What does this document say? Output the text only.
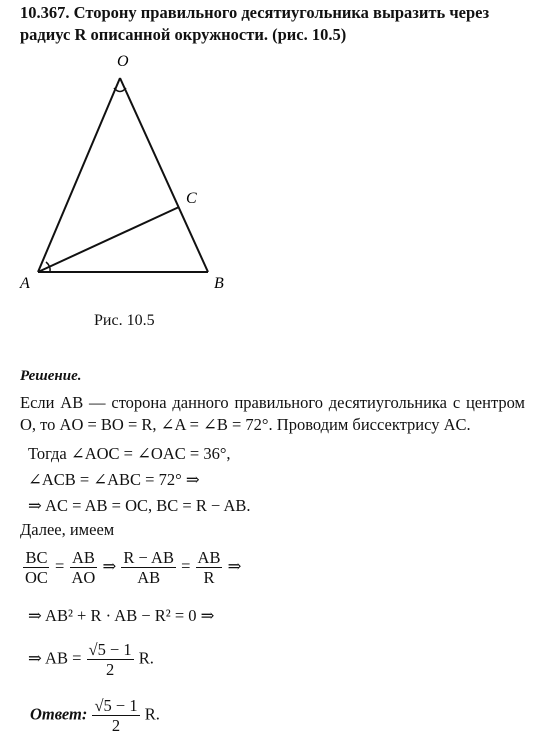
10.367. Сторону правильного десятиугольника выразить через радиус R описанной окружности. (рис. 10.5)
O
C
A	B
Рис. 10.5
Решение.
Если AB — сторона данного правильного десятиугольника с центром O, то AO = BO = R, ∠A = ∠B = 72°. Проводим биссектрису AC.
Тогда ∠AOC = ∠OAC = 36°,
∠ACB = ∠ABC = 72° ⇒
⇒ AC = AB = OC, BC = R − AB.
Далее, имеем
$\frac{BC}{OC} = \frac{AB}{AO}$ ⇒ $\frac{R - AB}{AB} = \frac{AB}{R}$ ⇒
⇒ AB² + R · AB − R² = 0 ⇒
⇒ AB = $\frac{√5 - 1}{2} R$.
Ответ: $\frac{√5 - 1}{2} R$.
